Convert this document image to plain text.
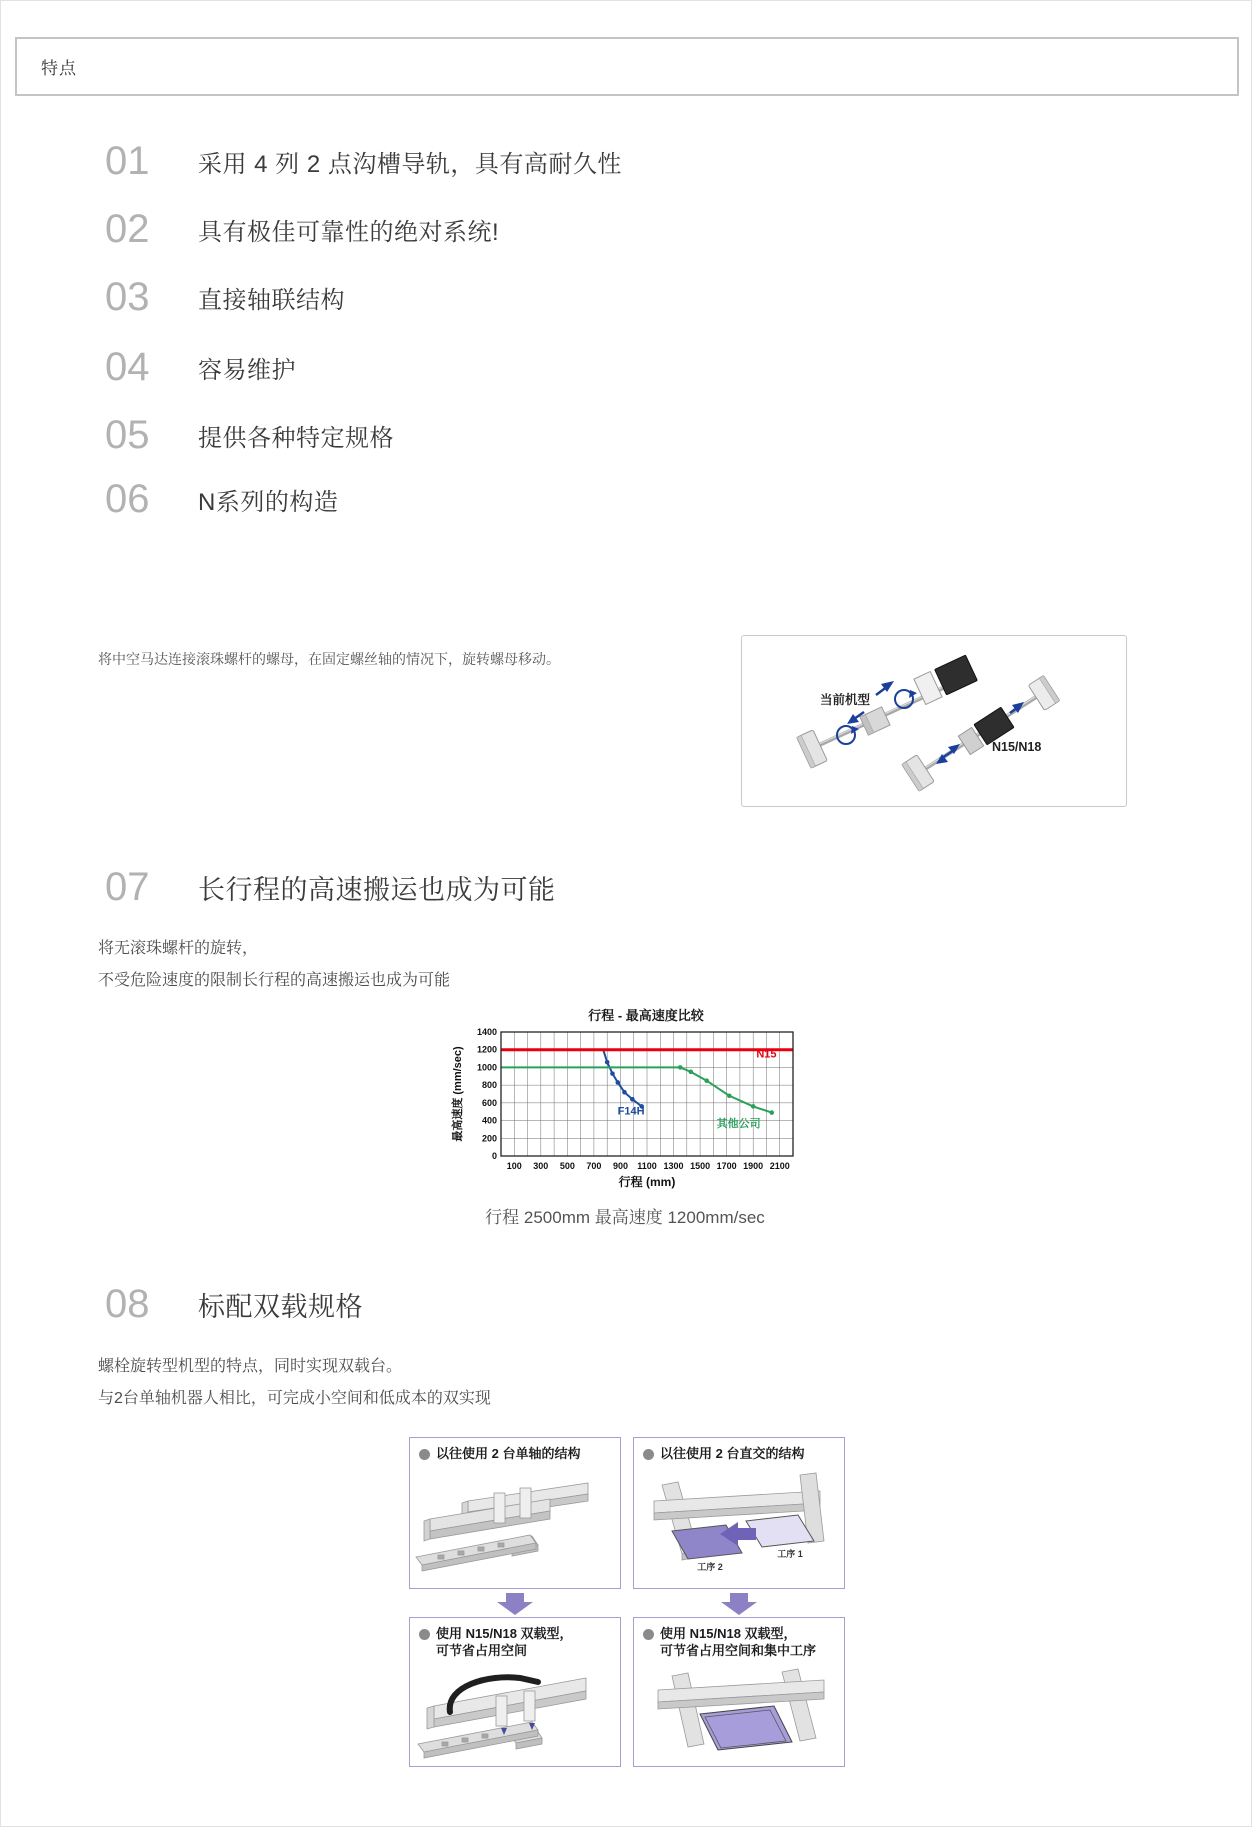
特点
01	采用 4 列 2 点沟槽导轨，具有高耐久性
02	具有极佳可靠性的绝对系统!
03	直接轴联结构
04	容易维护
05	提供各种特定规格
06	N系列的构造
将中空马达连接滚珠螺杆的螺母，在固定螺丝轴的情况下，旋转螺母移动。
当前机型
N15/N18
07	长行程的高速搬运也成为可能
将无滚珠螺杆的旋转，
不受危险速度的限制长行程的高速搬运也成为可能
行程 - 最高速度比较
0
200
400
600
800
1000
1200
1400
100 300 500 700 900 1100 1300 1500 1700 1900 2100
F14H
其他公司
N15
行程 (mm)
最高速度 (mm/sec)
行程 2500mm 最高速度 1200mm/sec
08	标配双载规格
螺栓旋转型机型的特点，同时实现双载台。
与2台单轴机器人相比，可完成小空间和低成本的双实现
以往使用 2 台单轴的结构	以往使用 2 台直交的结构
工序 1
工序 2
使用 N15/N18 双载型，
可节省占用空间
使用 N15/N18 双载型，
可节省占用空间和集中工序
